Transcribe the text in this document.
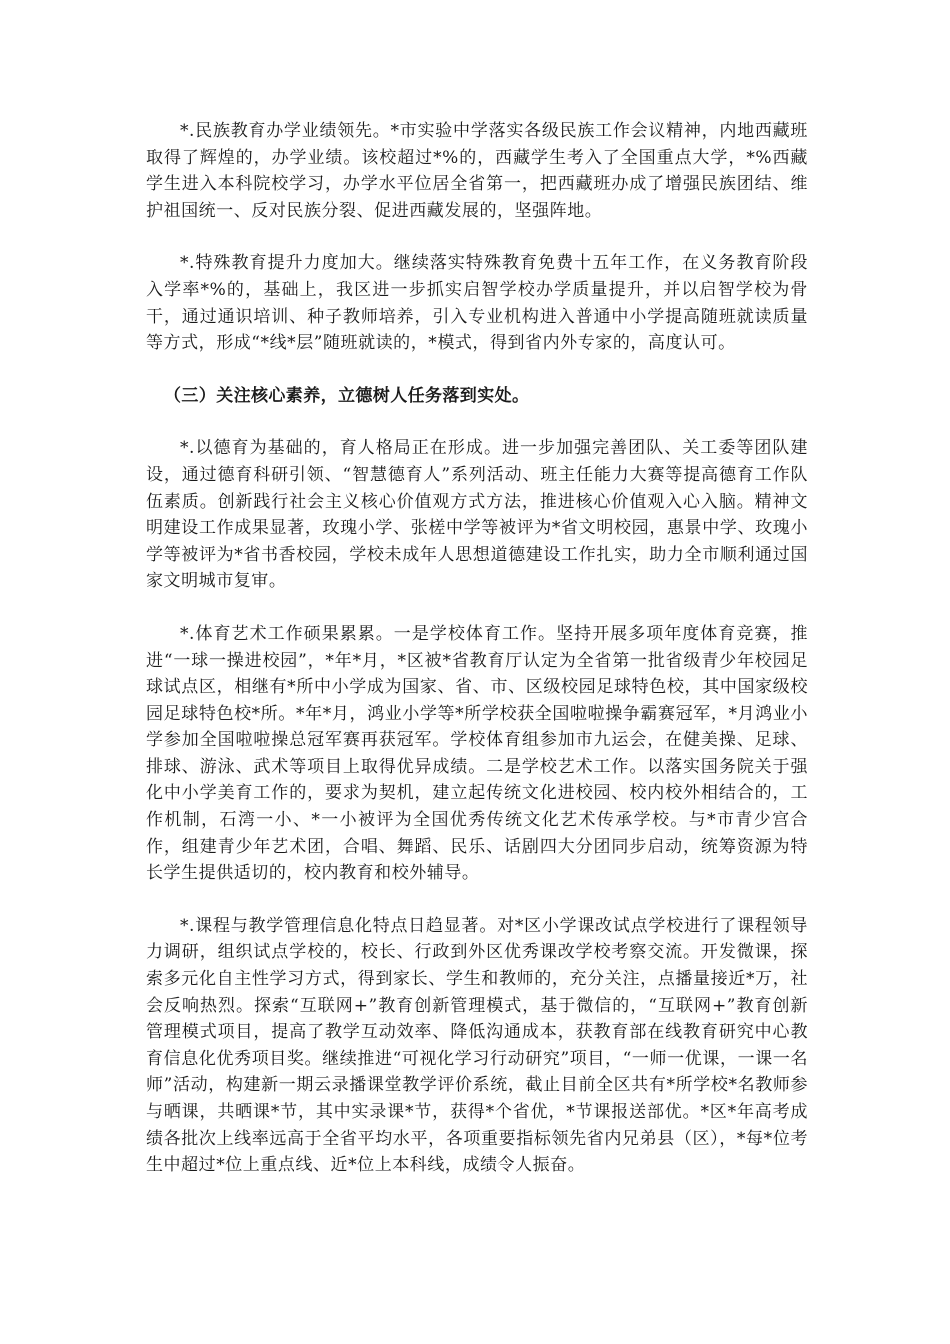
*.民族教育办学业绩领先。*市实验中学落实各级民族工作会议精神，内地西藏班取得了辉煌的，办学业绩。该校超过*%的，西藏学生考入了全国重点大学，*%西藏学生进入本科院校学习，办学水平位居全省第一，把西藏班办成了增强民族团结、维护祖国统一、反对民族分裂、促进西藏发展的，坚强阵地。

*.特殊教育提升力度加大。继续落实特殊教育免费十五年工作，在义务教育阶段入学率*%的，基础上，我区进一步抓实启智学校办学质量提升，并以启智学校为骨干，通过通识培训、种子教师培养，引入专业机构进入普通中小学提高随班就读质量等方式，形成“*线*层”随班就读的，*模式，得到省内外专家的，高度认可。

（三）关注核心素养，立德树人任务落到实处。

*.以德育为基础的，育人格局正在形成。进一步加强完善团队、关工委等团队建设，通过德育科研引领、“智慧德育人”系列活动、班主任能力大赛等提高德育工作队伍素质。创新践行社会主义核心价值观方式方法，推进核心价值观入心入脑。精神文明建设工作成果显著，玫瑰小学、张槎中学等被评为*省文明校园，惠景中学、玫瑰小学等被评为*省书香校园，学校未成年人思想道德建设工作扎实，助力全市顺利通过国家文明城市复审。

*.体育艺术工作硕果累累。一是学校体育工作。坚持开展多项年度体育竞赛，推进“一球一操进校园”，*年*月，*区被*省教育厅认定为全省第一批省级青少年校园足球试点区，相继有*所中小学成为国家、省、市、区级校园足球特色校，其中国家级校园足球特色校*所。*年*月，鸿业小学等*所学校获全国啦啦操争霸赛冠军，*月鸿业小学参加全国啦啦操总冠军赛再获冠军。学校体育组参加市九运会，在健美操、足球、排球、游泳、武术等项目上取得优异成绩。二是学校艺术工作。以落实国务院关于强化中小学美育工作的，要求为契机，建立起传统文化进校园、校内校外相结合的，工作机制，石湾一小、*一小被评为全国优秀传统文化艺术传承学校。与*市青少宫合作，组建青少年艺术团，合唱、舞蹈、民乐、话剧四大分团同步启动，统筹资源为特长学生提供适切的，校内教育和校外辅导。

*.课程与教学管理信息化特点日趋显著。对*区小学课改试点学校进行了课程领导力调研，组织试点学校的，校长、行政到外区优秀课改学校考察交流。开发微课，探索多元化自主性学习方式，得到家长、学生和教师的，充分关注，点播量接近*万，社会反响热烈。探索“互联网+”教育创新管理模式，基于微信的，“互联网+”教育创新管理模式项目，提高了教学互动效率、降低沟通成本，获教育部在线教育研究中心教育信息化优秀项目奖。继续推进“可视化学习行动研究”项目，“一师一优课，一课一名师”活动，构建新一期云录播课堂教学评价系统，截止目前全区共有*所学校*名教师参与晒课，共晒课*节，其中实录课*节，获得*个省优，*节课报送部优。*区*年高考成绩各批次上线率远高于全省平均水平，各项重要指标领先省内兄弟县（区），*每*位考生中超过*位上重点线、近*位上本科线，成绩令人振奋。
